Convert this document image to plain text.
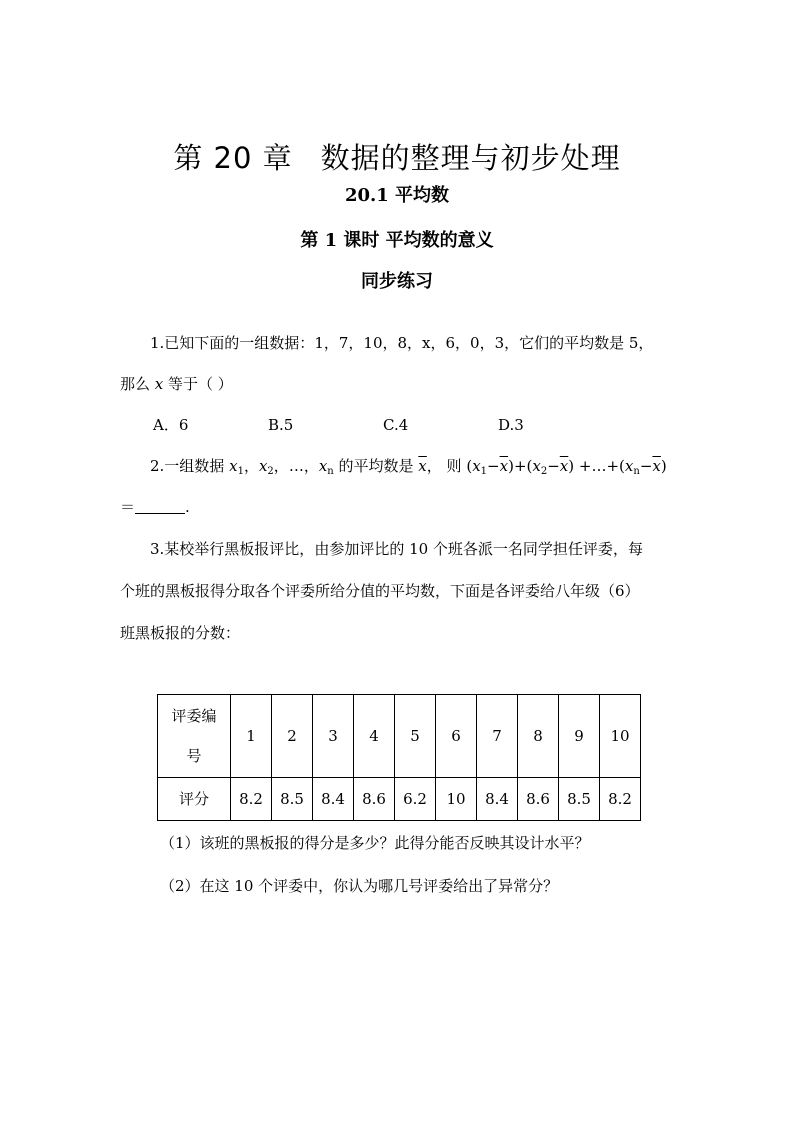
第 20 章 数据的整理与初步处理
20.1 平均数
第 1 课时 平均数的意义
同步练习
1.已知下面的一组数据：1，7，10，8，x，6，0，3，它们的平均数是 5，
那么 x 等于（ ）
A．6	B.5	C.4	D.3
2.一组数据 $x_1$，$x_2$，…，$x_n$ 的平均数是 $\overline{x}$， 则 $(x_1-\overline{x})+(x_2-\overline{x})$ $+\dots+(x_n-\overline{x})$
＝	.
3.某校举行黑板报评比，由参加评比的 10 个班各派一名同学担任评委，每
个班的黑板报得分取各个评委所给分值的平均数，下面是各评委给八年级（6）
班黑板报的分数：
评委编
号	1	2	3	4	5	6	7	8	9	10
评分	8.2	8.5	8.4	8.6	6.2	10	8.4	8.6	8.5	8.2
（1）该班的黑板报的得分是多少？此得分能否反映其设计水平？
（2）在这 10 个评委中，你认为哪几号评委给出了异常分？
